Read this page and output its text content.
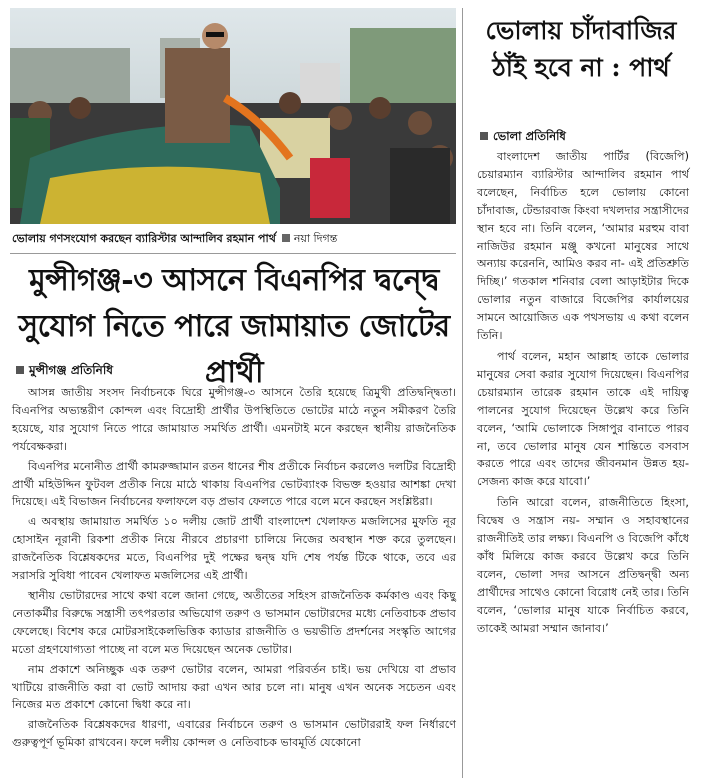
ভোলায় গণসংযোগ করছেন ব্যারিস্টার আন্দালিব রহমান পার্থ নয়া দিগন্ত
মুন্সীগঞ্জ-৩ আসনে বিএনপির দ্বন্দ্বে সুযোগ নিতে পারে জামায়াত জোটের প্রার্থী
মুন্সীগঞ্জ প্রতিনিধি

আসন্ন জাতীয় সংসদ নির্বাচনকে ঘিরে মুন্সীগঞ্জ-৩ আসনে তৈরি হয়েছে ত্রিমুখী প্রতিদ্বন্দ্বিতা। বিএনপির অভ্যন্তরীণ কোন্দল এবং বিদ্রোহী প্রার্থীর উপস্থিতিতে ভোটের মাঠে নতুন সমীকরণ তৈরি হয়েছে, যার সুযোগ নিতে পারে জামায়াত সমর্থিত প্রার্থী। এমনটাই মনে করছেন স্থানীয় রাজনৈতিক পর্যবেক্ষকরা।

বিএনপির মনোনীত প্রার্থী কামরুজ্জামান রতন ধানের শীষ প্রতীকে নির্বাচন করলেও দলটির বিদ্রোহী প্রার্থী মহিউদ্দিন ফুটবল প্রতীক নিয়ে মাঠে থাকায় বিএনপির ভোটব্যাংক বিভক্ত হওয়ার আশঙ্কা দেখা দিয়েছে। এই বিভাজন নির্বাচনের ফলাফলে বড় প্রভাব ফেলতে পারে বলে মনে করছেন সংশ্লিষ্টরা।

এ অবস্থায় জামায়াত সমর্থিত ১০ দলীয় জোট প্রার্থী বাংলাদেশ খেলাফত মজলিসের মুফতি নূর হোসাইন নূরানী রিকশা প্রতীক নিয়ে নীরবে প্রচারণা চালিয়ে নিজের অবস্থান শক্ত করে তুলছেন। রাজনৈতিক বিশ্লেষকদের মতে, বিএনপির দুই পক্ষের দ্বন্দ্ব যদি শেষ পর্যন্ত টিকে থাকে, তবে এর সরাসরি সুবিধা পাবেন খেলাফত মজলিসের এই প্রার্থী।

স্থানীয় ভোটারদের সাথে কথা বলে জানা গেছে, অতীতের সহিংস রাজনৈতিক কর্মকাণ্ড এবং কিছু নেতাকর্মীর বিরুদ্ধে সন্ত্রাসী তৎপরতার অভিযোগ তরুণ ও ভাসমান ভোটারদের মধ্যে নেতিবাচক প্রভাব ফেলেছে। বিশেষ করে মোটরসাইকেলভিত্তিক ক্যাডার রাজনীতি ও ভয়ভীতি প্রদর্শনের সংস্কৃতি আগের মতো গ্রহণযোগ্যতা পাচ্ছে না বলে মত দিয়েছেন অনেক ভোটার।

নাম প্রকাশে অনিচ্ছুক এক তরুণ ভোটার বলেন, আমরা পরিবর্তন চাই। ভয় দেখিয়ে বা প্রভাব খাটিয়ে রাজনীতি করা বা ভোট আদায় করা এখন আর চলে না। মানুষ এখন অনেক সচেতন এবং নিজের মত প্রকাশে কোনো দ্বিধা করে না।

রাজনৈতিক বিশ্লেষকদের ধারণা, এবারের নির্বাচনে তরুণ ও ভাসমান ভোটাররাই ফল নির্ধারণে গুরুত্বপূর্ণ ভূমিকা রাখবেন। ফলে দলীয় কোন্দল ও নেতিবাচক ভাবমূর্তি যেকোনো

ভোলায় চাঁদাবাজির ঠাঁই হবে না : পার্থ
ভোলা প্রতিনিধি

বাংলাদেশ জাতীয় পার্টির (বিজেপি) চেয়ারম্যান ব্যারিস্টার আন্দালিব রহমান পার্থ বলেছেন, নির্বাচিত হলে ভোলায় কোনো চাঁদাবাজ, টেন্ডারবাজ কিংবা দখলদার সন্ত্রাসীদের স্থান হবে না। তিনি বলেন, ‘আমার মরহুম বাবা নাজিউর রহমান মঞ্জু কখনো মানুষের সাথে অন্যায় করেননি, আমিও করব না- এই প্রতিশ্রুতি দিচ্ছি।’ গতকাল শনিবার বেলা আড়াইটার দিকে ভোলার নতুন বাজারে বিজেপির কার্যালয়ের সামনে আয়োজিত এক পথসভায় এ কথা বলেন তিনি।

পার্থ বলেন, মহান আল্লাহ তাকে ভোলার মানুষের সেবা করার সুযোগ দিয়েছেন। বিএনপির চেয়ারম্যান তারেক রহমান তাকে এই দায়িত্ব পালনের সুযোগ দিয়েছেন উল্লেখ করে তিনি বলেন, ‘আমি ভোলাকে সিঙ্গাপুর বানাতে পারব না, তবে ভোলার মানুষ যেন শান্তিতে বসবাস করতে পারে এবং তাদের জীবনমান উন্নত হয়- সেজন্য কাজ করে যাবো।’

তিনি আরো বলেন, রাজনীতিতে হিংসা, বিদ্বেষ ও সন্ত্রাস নয়- সম্মান ও সহাবস্থানের রাজনীতিই তার লক্ষ্য। বিএনপি ও বিজেপি কাঁধে কাঁধ মিলিয়ে কাজ করবে উল্লেখ করে তিনি বলেন, ভোলা সদর আসনে প্রতিদ্বন্দ্বী অন্য প্রার্থীদের সাথেও কোনো বিরোধ নেই তার। তিনি বলেন, ‘ভোলার মানুষ যাকে নির্বাচিত করবে, তাকেই আমরা সম্মান জানাব।’
